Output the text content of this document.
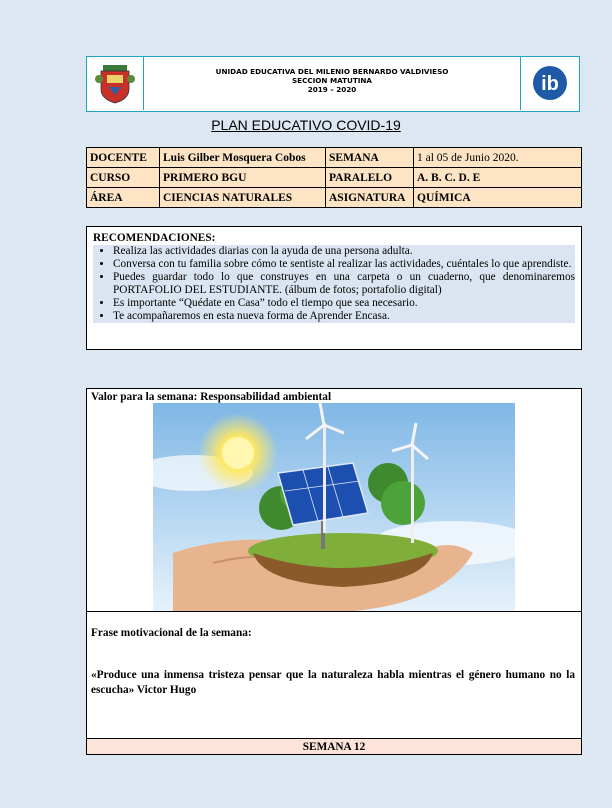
UNIDAD EDUCATIVA DEL MILENIO BERNARDO VALDIVIESO
SECCION MATUTINA
2019 – 2020	ib
PLAN EDUCATIVO COVID-19
DOCENTE	Luis Gilber Mosquera Cobos	SEMANA	1 al 05 de Junio 2020.
CURSO	PRIMERO BGU	PARALELO	A. B. C. D. E
ÁREA	CIENCIAS NATURALES	ASIGNATURA	QUÍMICA
RECOMENDACIONES:
• Realiza las actividades diarias con la ayuda de una persona adulta.
• Conversa con tu familia sobre cómo te sentiste al realizar las actividades, cuéntales lo que aprendiste.
• Puedes guardar todo lo que construyes en una carpeta o un cuaderno, que denominaremos PORTAFOLIO DEL ESTUDIANTE. (álbum de fotos; portafolio digital)
• Es importante “Quédate en Casa” todo el tiempo que sea necesario.
• Te acompañaremos en esta nueva forma de Aprender Encasa.
Valor para la semana: Responsabilidad ambiental
Frase motivacional de la semana:
«Produce una inmensa tristeza pensar que la naturaleza habla mientras el género humano no la escucha» Victor Hugo
SEMANA 12
